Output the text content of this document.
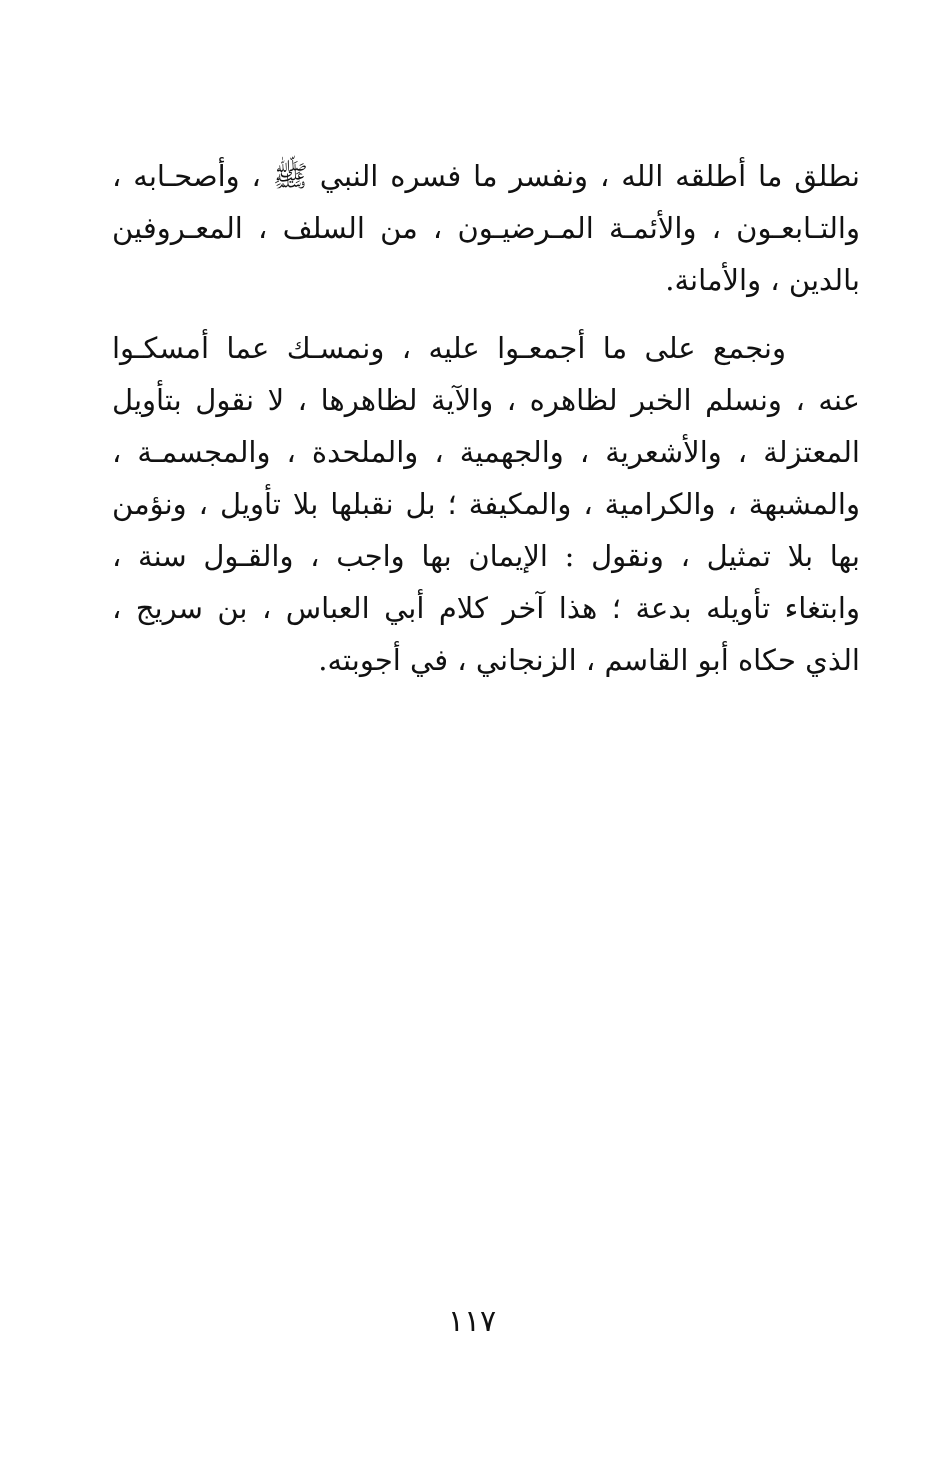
نطلق ما أطلقه الله ، ونفسر ما فسره النبي ﷺ ، وأصحـابه ،
والتـابعـون ، والأئمـة المـرضيـون ، من السلف ، المعـروفين
بالدين ، والأمانة.
ونجمع على ما أجمعـوا عليه ، ونمسـك عما أمسكـوا
عنه ، ونسلم الخبر لظاهره ، والآية لظاهرها ، لا نقول بتأويل
المعتزلة ، والأشعرية ، والجهمية ، والملحدة ، والمجسمـة ،
والمشبهة ، والكرامية ، والمكيفة ؛ بل نقبلها بلا تأويل ، ونؤمن
بها بلا تمثيل ، ونقول : الإيمان بها واجب ، والقـول سنة ،
وابتغاء تأويله بدعة ؛ هذا آخر كلام أبي العباس ، بن سريج ،
الذي حكاه أبو القاسم ، الزنجاني ، في أجوبته.
١١٧
